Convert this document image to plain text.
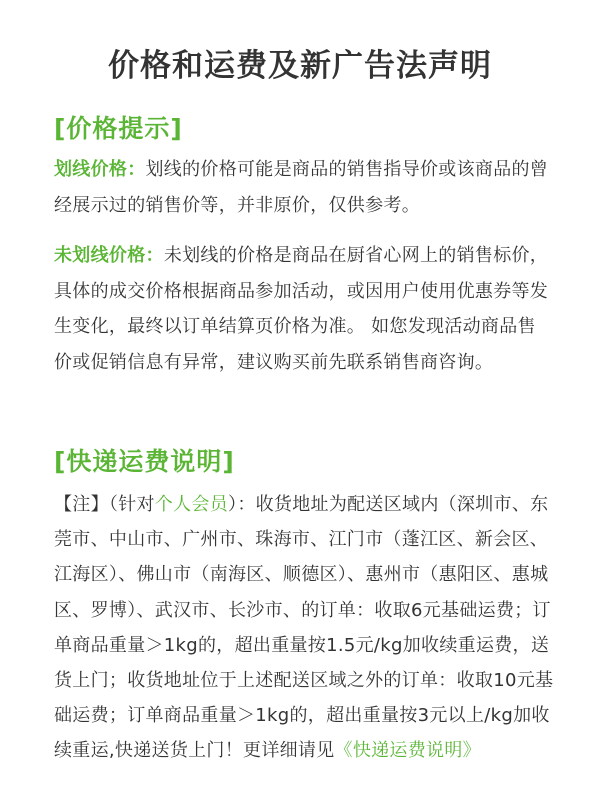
价格和运费及新广告法声明
[价格提示]
划线价格：划线的价格可能是商品的销售指导价或该商品的曾经展示过的销售价等，并非原价，仅供参考。
未划线价格：未划线的价格是商品在厨省心网上的销售标价，具体的成交价格根据商品参加活动，或因用户使用优惠券等发生变化，最终以订单结算页价格为准。 如您发现活动商品售价或促销信息有异常，建议购买前先联系销售商咨询。
[快递运费说明]
【注】（针对个人会员）：收货地址为配送区域内（深圳市、东莞市、中山市、广州市、珠海市、江门市（蓬江区、新会区、江海区）、佛山市（南海区、顺德区）、惠州市（惠阳区、惠城区、罗博）、武汉市、长沙市、的订单：收取6元基础运费；订单商品重量＞1kg的，超出重量按1.5元/kg加收续重运费，送货上门；收货地址位于上述配送区域之外的订单：收取10元基础运费；订单商品重量＞1kg的，超出重量按3元以上/kg加收续重运,快递送货上门！更详细请见《快递运费说明》
